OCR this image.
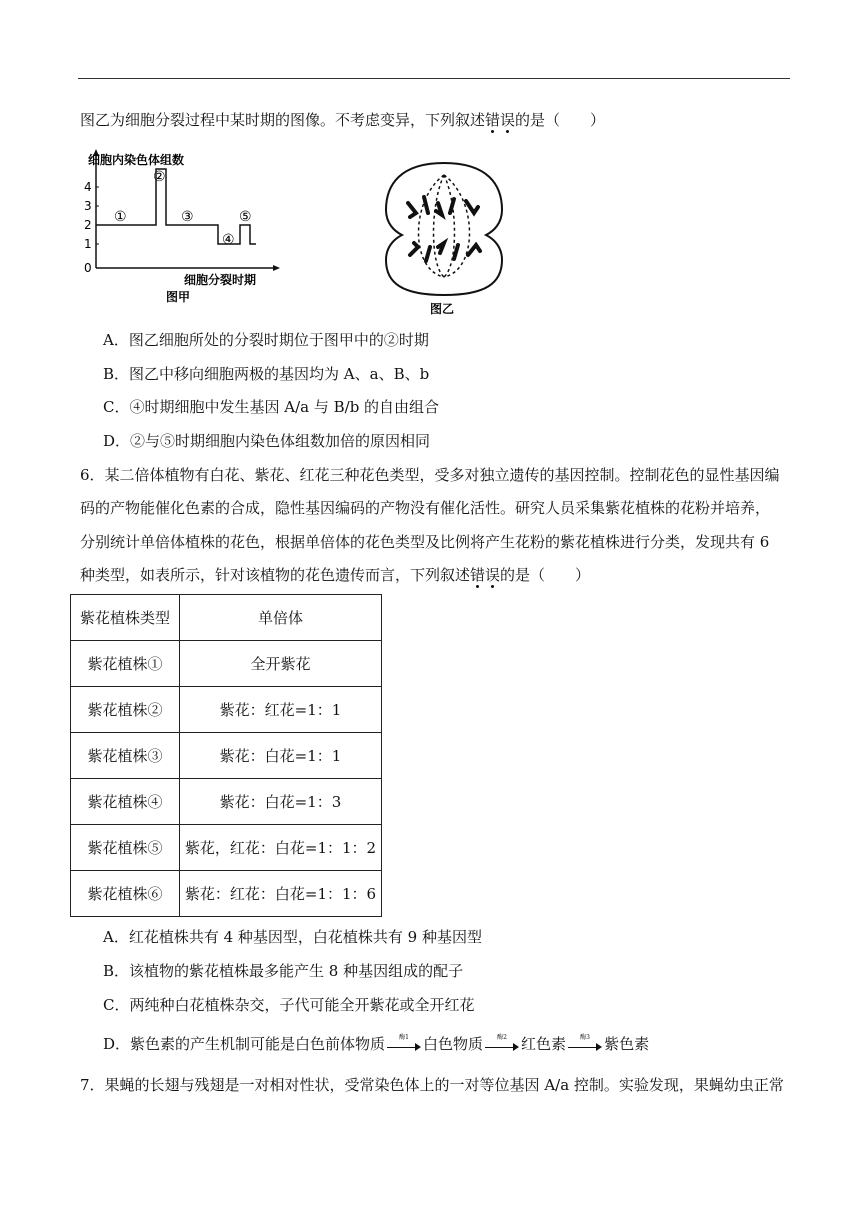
图乙为细胞分裂过程中某时期的图像。不考虑变异，下列叙述错误的是（　　）
细胞内染色体组数
4
3
2
1
0
①
②
③
④
⑤
细胞分裂时期
图甲
图乙
A．图乙细胞所处的分裂时期位于图甲中的②时期
B．图乙中移向细胞两极的基因均为 A、a、B、b
C．④时期细胞中发生基因 A/a 与 B/b 的自由组合
D．②与⑤时期细胞内染色体组数加倍的原因相同
6．某二倍体植物有白花、紫花、红花三种花色类型，受多对独立遗传的基因控制。控制花色的显性基因编
码的产物能催化色素的合成，隐性基因编码的产物没有催化活性。研究人员采集紫花植株的花粉并培养，
分别统计单倍体植株的花色，根据单倍体的花色类型及比例将产生花粉的紫花植株进行分类，发现共有 6
种类型，如表所示，针对该植物的花色遗传而言，下列叙述错误的是（　　）
紫花植株类型	单倍体
紫花植株①	全开紫花
紫花植株②	紫花：红花=1：1
紫花植株③	紫花：白花=1：1
紫花植株④	紫花：白花=1：3
紫花植株⑤	紫花，红花：白花=1：1：2
紫花植株⑥	紫花：红花：白花=1：1：6
A．红花植株共有 4 种基因型，白花植株共有 9 种基因型
B．该植物的紫花植株最多能产生 8 种基因组成的配子
C．两纯种白花植株杂交，子代可能全开紫花或全开红花
D．紫色素的产生机制可能是白色前体物质	酶1 白色物质	酶2 红色素	酶3 紫色素
7．果蝇的长翅与残翅是一对相对性状，受常染色体上的一对等位基因 A/a 控制。实验发现，果蝇幼虫正常
